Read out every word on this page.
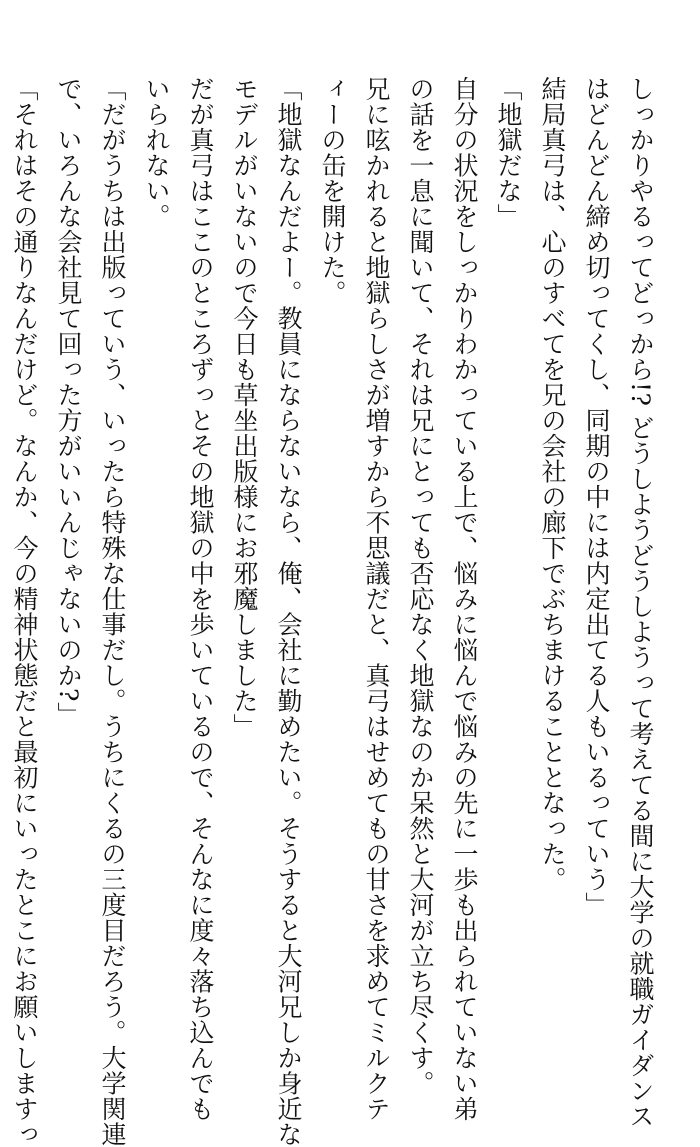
しっかりやるってどっから!? どうしようどうしようって考えてる間に大学の就職ガイダンス
はどんどん締め切ってくし、同期の中には内定出てる人もいるっていう」
結局真弓は、心のすべてを兄の会社の廊下でぶちまけることとなった。
「地獄だな」
自分の状況をしっかりわかっている上で、悩みに悩んで悩みの先に一歩も出られていない弟
の話を一息に聞いて、それは兄にとっても否応なく地獄なのか呆然と大河が立ち尽くす。
兄に呟かれると地獄らしさが増すから不思議だと、真弓はせめてもの甘さを求めてミルクテ
ィーの缶を開けた。
「地獄なんだよー。教員にならないなら、俺、会社に勤めたい。そうすると大河兄しか身近な
モデルがいないので今日も草坐出版様にお邪魔しました」
だが真弓はここのところずっとその地獄の中を歩いているので、そんなに度々落ち込んでも
いられない。
「だがうちは出版っていう、いったら特殊な仕事だし。うちにくるの三度目だろう。大学関連
で、いろんな会社見て回った方がいいんじゃないのか?」
「それはその通りなんだけど。なんか、今の精神状態だと最初にいったとこにお願いしますっ
